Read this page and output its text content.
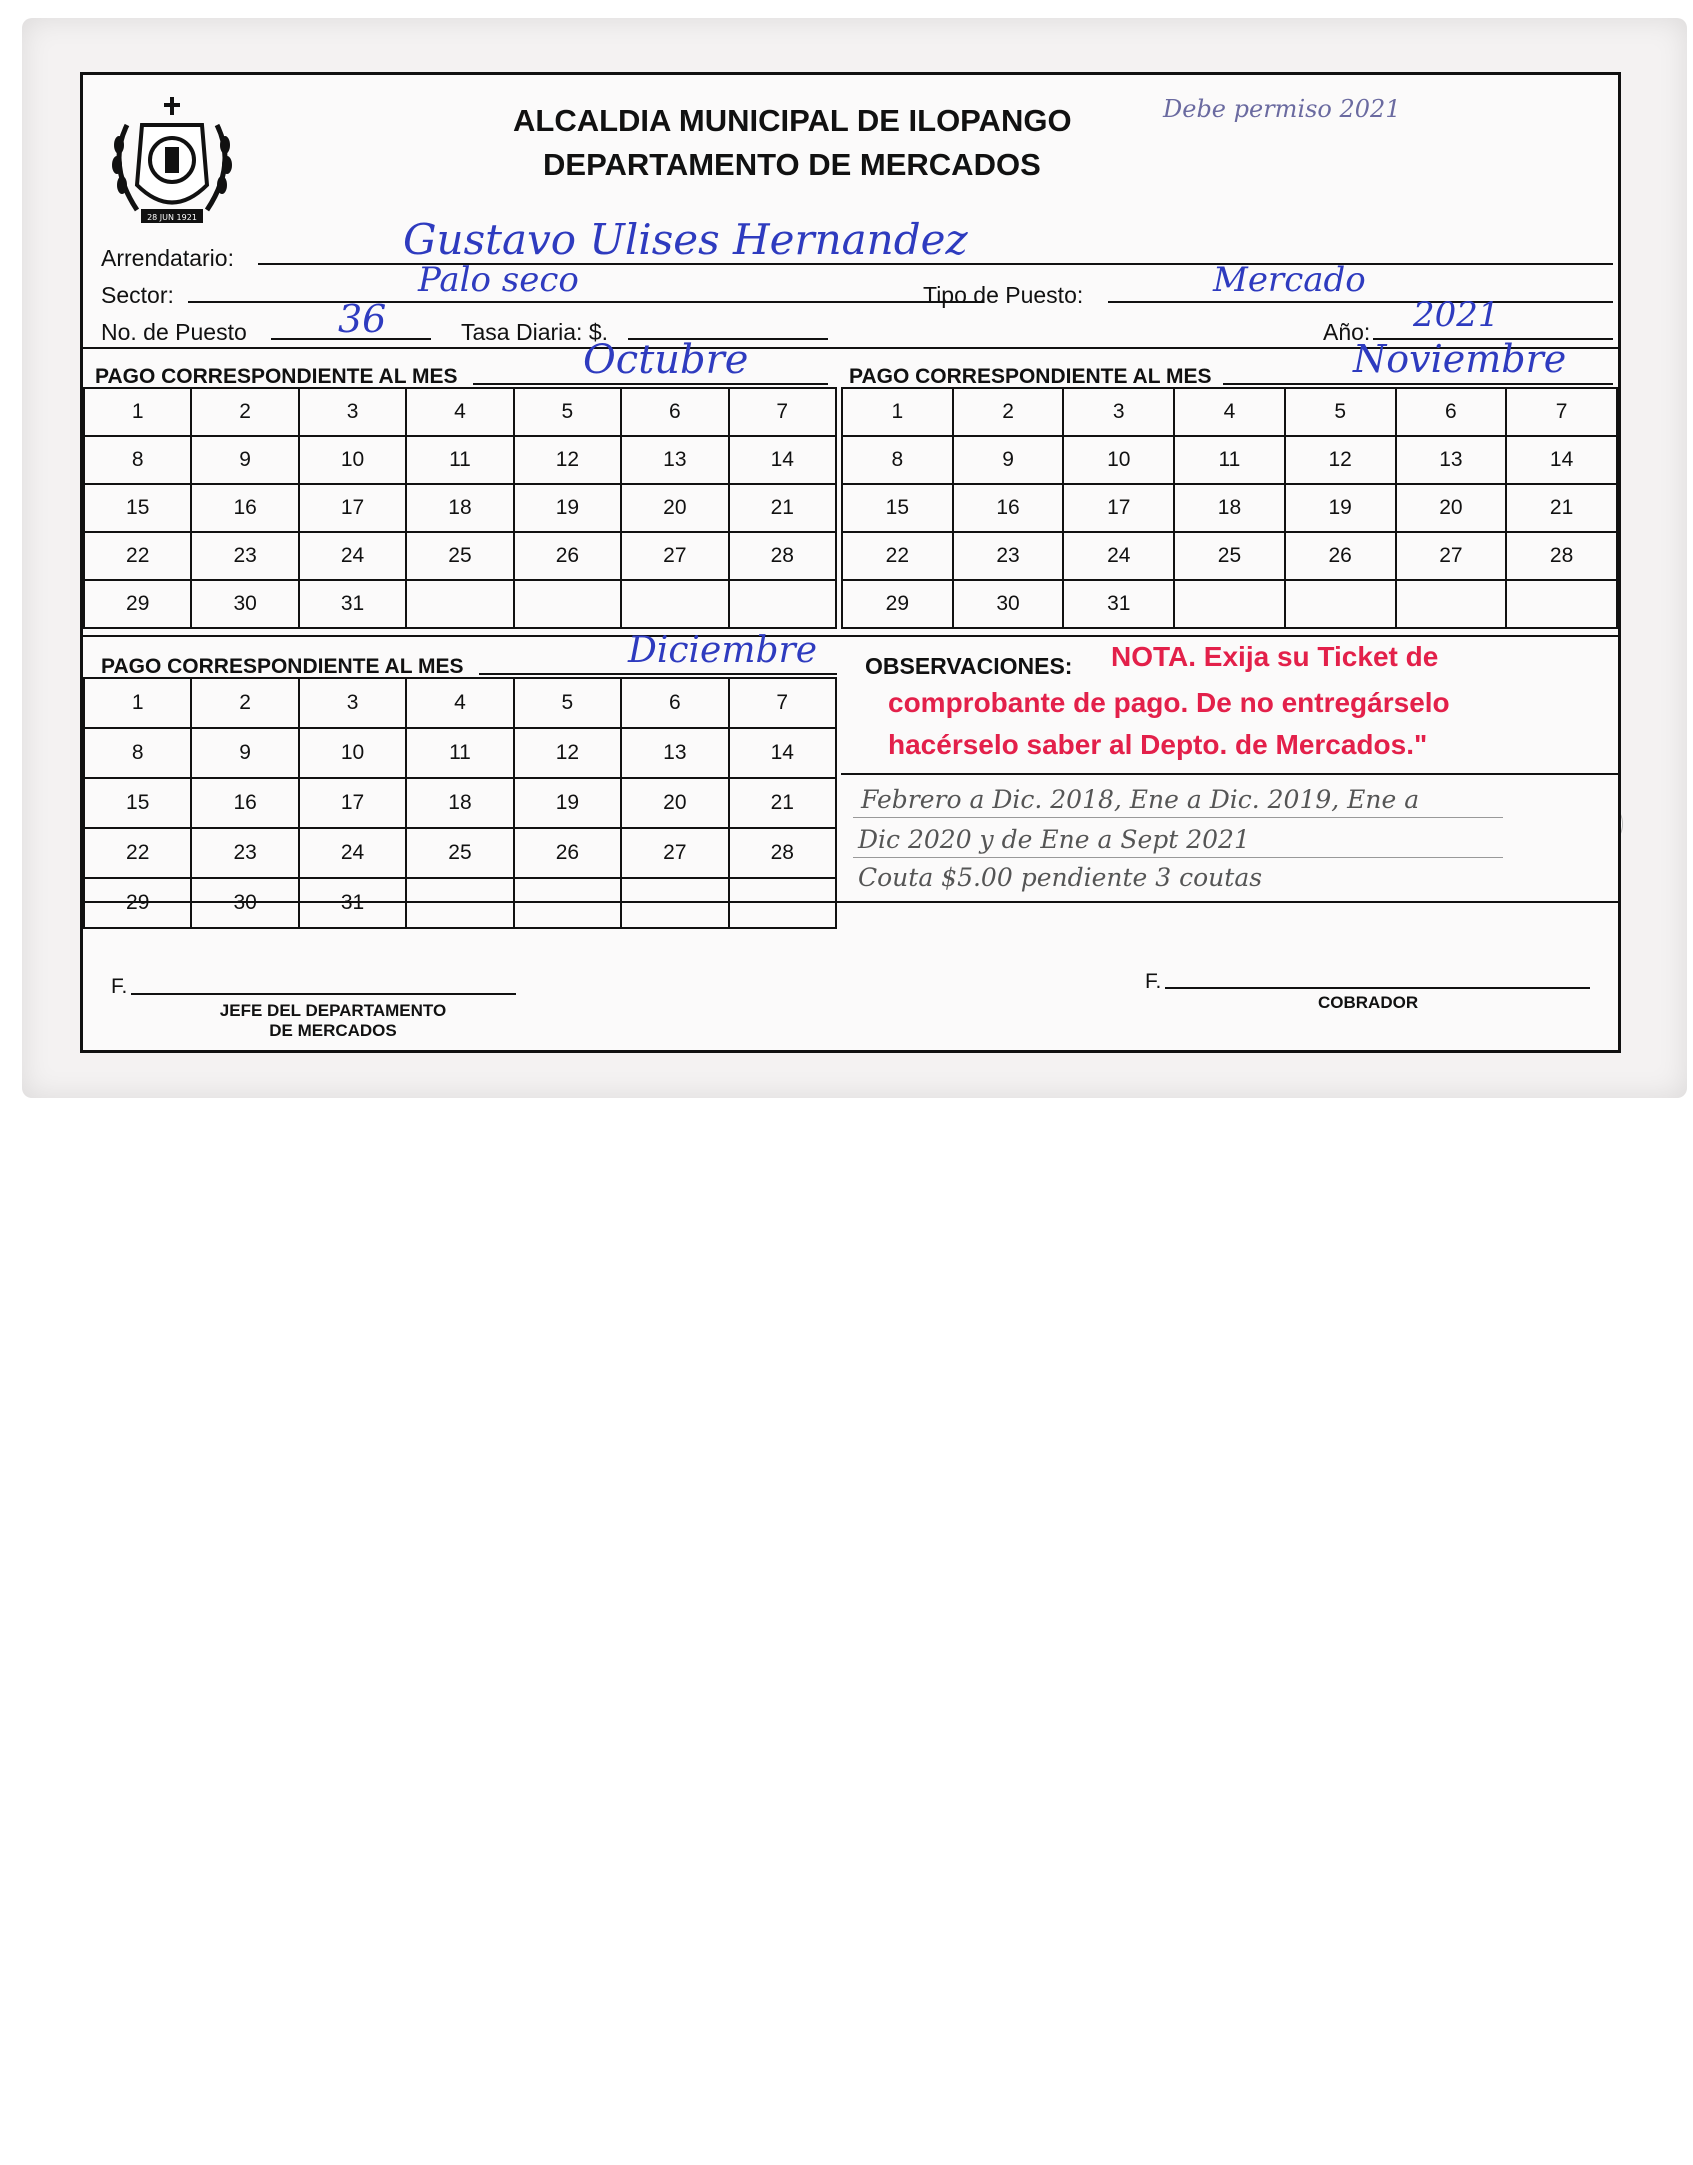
28 JUN 1921
ALCALDIA MUNICIPAL DE ILOPANGO
DEPARTAMENTO DE MERCADOS
Debe permiso 2021
Arrendatario:	Gustavo Ulises Hernandez
Sector:	Palo seco	Tipo de Puesto:	Mercado
No. de Puesto 36	Tasa Diaria: $.	Año: 2021
PAGO CORRESPONDIENTE AL MES	Octubre
1	2	3	4	5	6	7
8	9	10	11	12	13	14
15	16	17	18	19	20	21
22	23	24	25	26	27	28
29	30	31				
PAGO CORRESPONDIENTE AL MES	Noviembre
1	2	3	4	5	6	7
8	9	10	11	12	13	14
15	16	17	18	19	20	21
22	23	24	25	26	27	28
29	30	31				
PAGO CORRESPONDIENTE AL MES	Diciembre
1	2	3	4	5	6	7
8	9	10	11	12	13	14
15	16	17	18	19	20	21
22	23	24	25	26	27	28
29	30	31				
OBSERVACIONES: NOTA. Exija su Ticket de
comprobante de pago. De no entregárselo
hacérselo saber al Depto. de Mercados."
Febrero a Dic. 2018, Ene a Dic. 2019, Ene a
Dic 2020 y de Ene a Sept 2021
Couta $5.00 pendiente 3 coutas
F.
JEFE DEL DEPARTAMENTO
DE MERCADOS
F.
COBRADOR
